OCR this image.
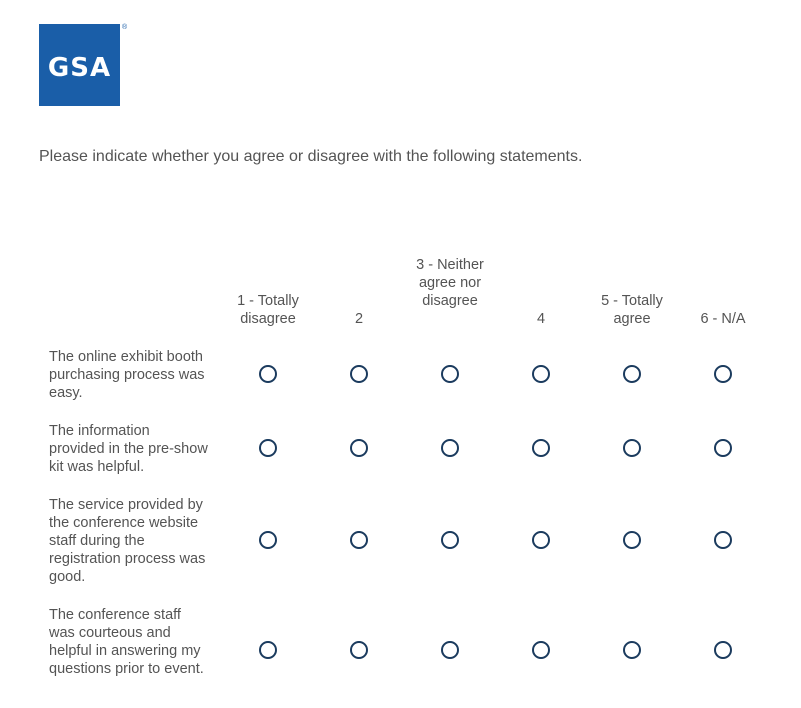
GSA
®
Please indicate whether you agree or disagree with the following statements.
1 - Totally disagree	2
3 - Neither agree nor disagree
4
5 - Totally agree	6 - N/A
The online exhibit booth purchasing process was easy.
The information provided in the pre-show kit was helpful.
The service provided by the conference website staff during the registration process was good.
The conference staff was courteous and helpful in answering my questions prior to event.
